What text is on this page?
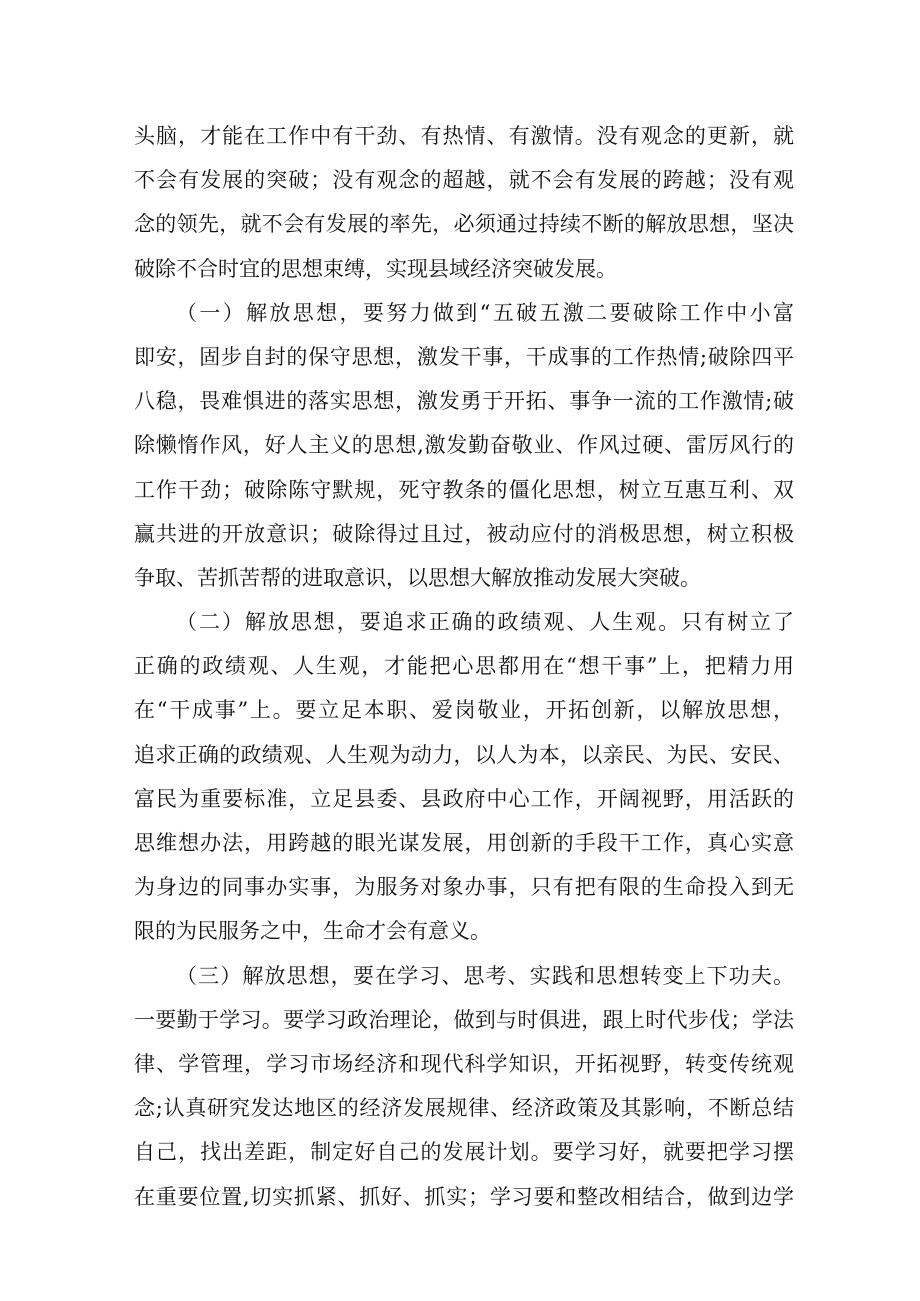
头脑，才能在工作中有干劲、有热情、有激情。没有观念的更新，就
不会有发展的突破；没有观念的超越，就不会有发展的跨越；没有观
念的领先，就不会有发展的率先，必须通过持续不断的解放思想，坚决
破除不合时宜的思想束缚，实现县域经济突破发展。
（一）解放思想，要努力做到“五破五激二要破除工作中小富
即安，固步自封的保守思想，激发干事，干成事的工作热情;破除四平
八稳，畏难惧进的落实思想，激发勇于开拓、事争一流的工作激情;破
除懒惰作风，好人主义的思想,激发勤奋敬业、作风过硬、雷厉风行的
工作干劲；破除陈守默规，死守教条的僵化思想，树立互惠互利、双
赢共进的开放意识；破除得过且过，被动应付的消极思想，树立积极
争取、苦抓苦帮的进取意识，以思想大解放推动发展大突破。
（二）解放思想，要追求正确的政绩观、人生观。只有树立了
正确的政绩观、人生观，才能把心思都用在“想干事”上，把精力用
在“干成事”上。要立足本职、爱岗敬业，开拓创新，以解放思想，
追求正确的政绩观、人生观为动力，以人为本，以亲民、为民、安民、
富民为重要标准，立足县委、县政府中心工作，开阔视野，用活跃的
思维想办法，用跨越的眼光谋发展，用创新的手段干工作，真心实意
为身边的同事办实事，为服务对象办事，只有把有限的生命投入到无
限的为民服务之中，生命才会有意义。
（三）解放思想，要在学习、思考、实践和思想转变上下功夫。
一要勤于学习。要学习政治理论，做到与时俱进，跟上时代步伐；学法
律、学管理，学习市场经济和现代科学知识，开拓视野，转变传统观
念;认真研究发达地区的经济发展规律、经济政策及其影响，不断总结
自己，找出差距，制定好自己的发展计划。要学习好，就要把学习摆
在重要位置,切实抓紧、抓好、抓实；学习要和整改相结合，做到边学
